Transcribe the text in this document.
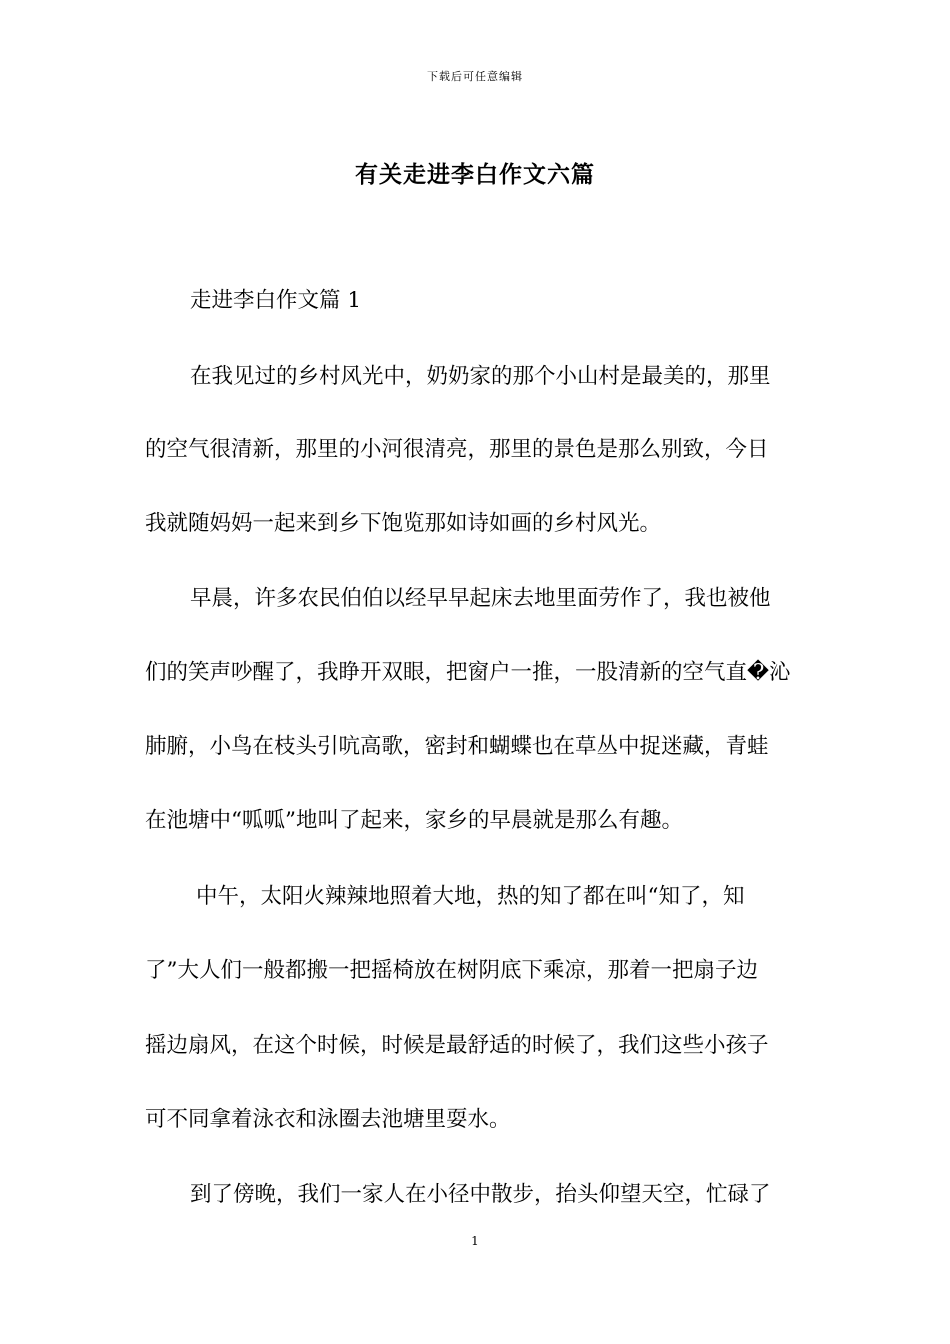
下载后可任意编辑
有关走进李白作文六篇
走进李白作文篇 1
在我见过的乡村风光中，奶奶家的那个小山村是最美的，那里
的空气很清新，那里的小河很清亮，那里的景色是那么别致，今日
我就随妈妈一起来到乡下饱览那如诗如画的乡村风光。
早晨，许多农民伯伯以经早早起床去地里面劳作了，我也被他
们的笑声吵醒了，我睁开双眼，把窗户一推，一股清新的空气直�沁
肺腑，小鸟在枝头引吭高歌，密封和蝴蝶也在草丛中捉迷藏，青蛙
在池塘中“呱呱”地叫了起来，家乡的早晨就是那么有趣。
中午，太阳火辣辣地照着大地，热的知了都在叫“知了，知
了”大人们一般都搬一把摇椅放在树阴底下乘凉，那着一把扇子边
摇边扇风，在这个时候，时候是最舒适的时候了，我们这些小孩子
可不同拿着泳衣和泳圈去池塘里耍水。
到了傍晚，我们一家人在小径中散步，抬头仰望天空，忙碌了
1
